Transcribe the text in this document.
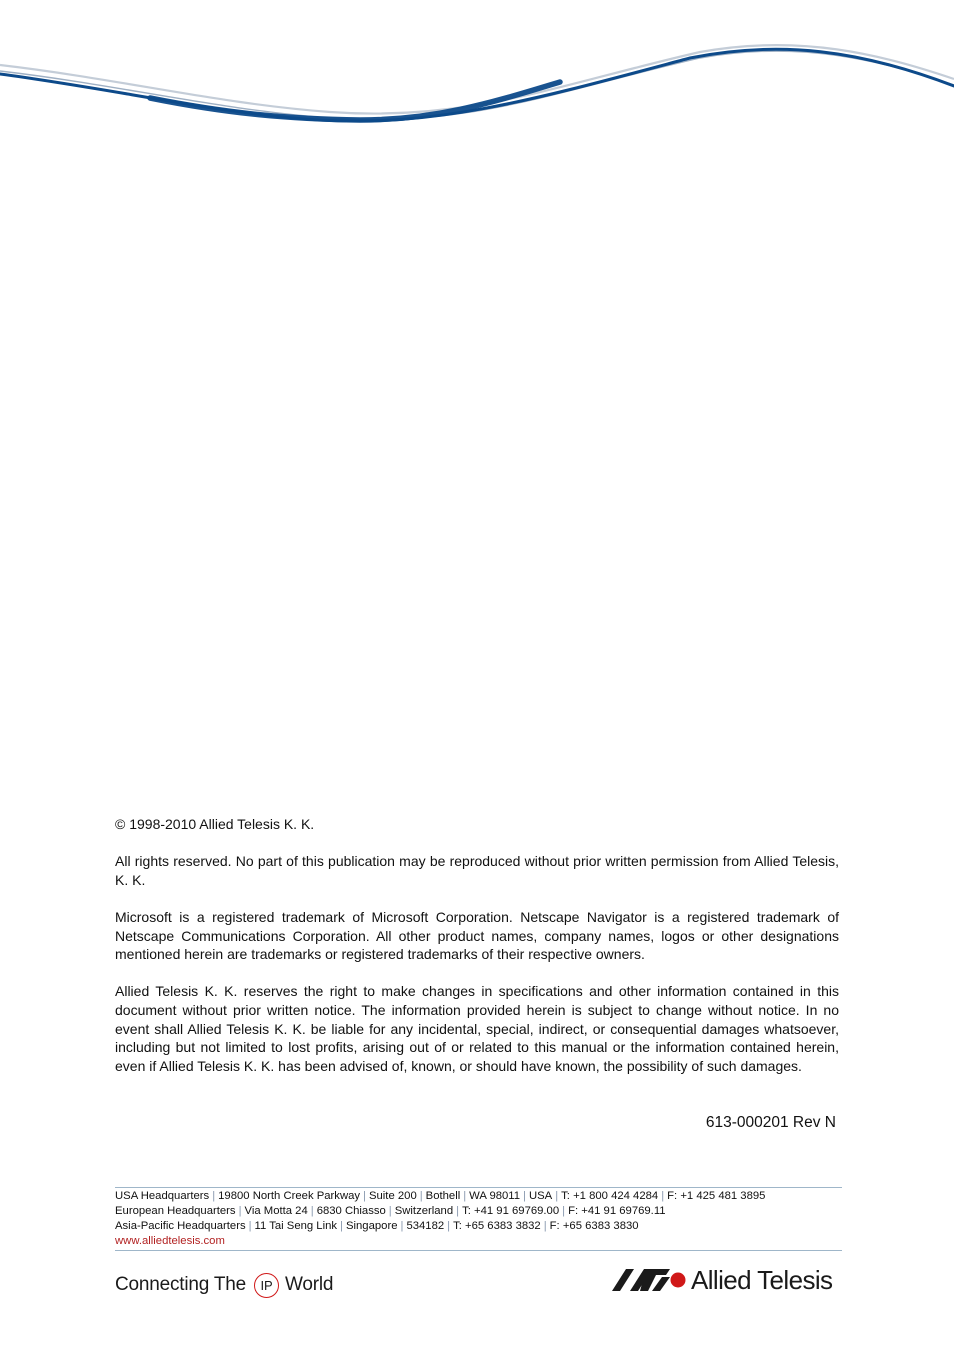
© 1998-2010 Allied Telesis K. K.

All rights reserved. No part of this publication may be reproduced without prior written permission from Allied Telesis, K. K.

Microsoft is a registered trademark of Microsoft Corporation. Netscape Navigator is a registered trademark of Netscape Communications Corporation. All other product names, company names, logos or other designations mentioned herein are trademarks or registered trademarks of their respective owners.

Allied Telesis K. K. reserves the right to make changes in specifications and other information contained in this document without prior written notice. The information provided herein is subject to change without notice. In no event shall Allied Telesis K. K. be liable for any incidental, special, indirect, or consequential damages whatsoever, including but not limited to lost profits, arising out of or related to this manual or the information contained herein, even if Allied Telesis K. K. has been advised of, known, or should have known, the possibility of such damages.

613-000201 Rev N
USA Headquarters | 19800 North Creek Parkway | Suite 200 | Bothell | WA 98011 | USA | T: +1 800 424 4284 | F: +1 425 481 3895
European Headquarters | Via Motta 24 | 6830 Chiasso | Switzerland | T: +41 91 69769.00 | F: +41 91 69769.11
Asia-Pacific Headquarters | 11 Tai Seng Link | Singapore | 534182 | T: +65 6383 3832 | F: +65 6383 3830
www.alliedtelesis.com
Connecting The	IP World	Allied Telesis
